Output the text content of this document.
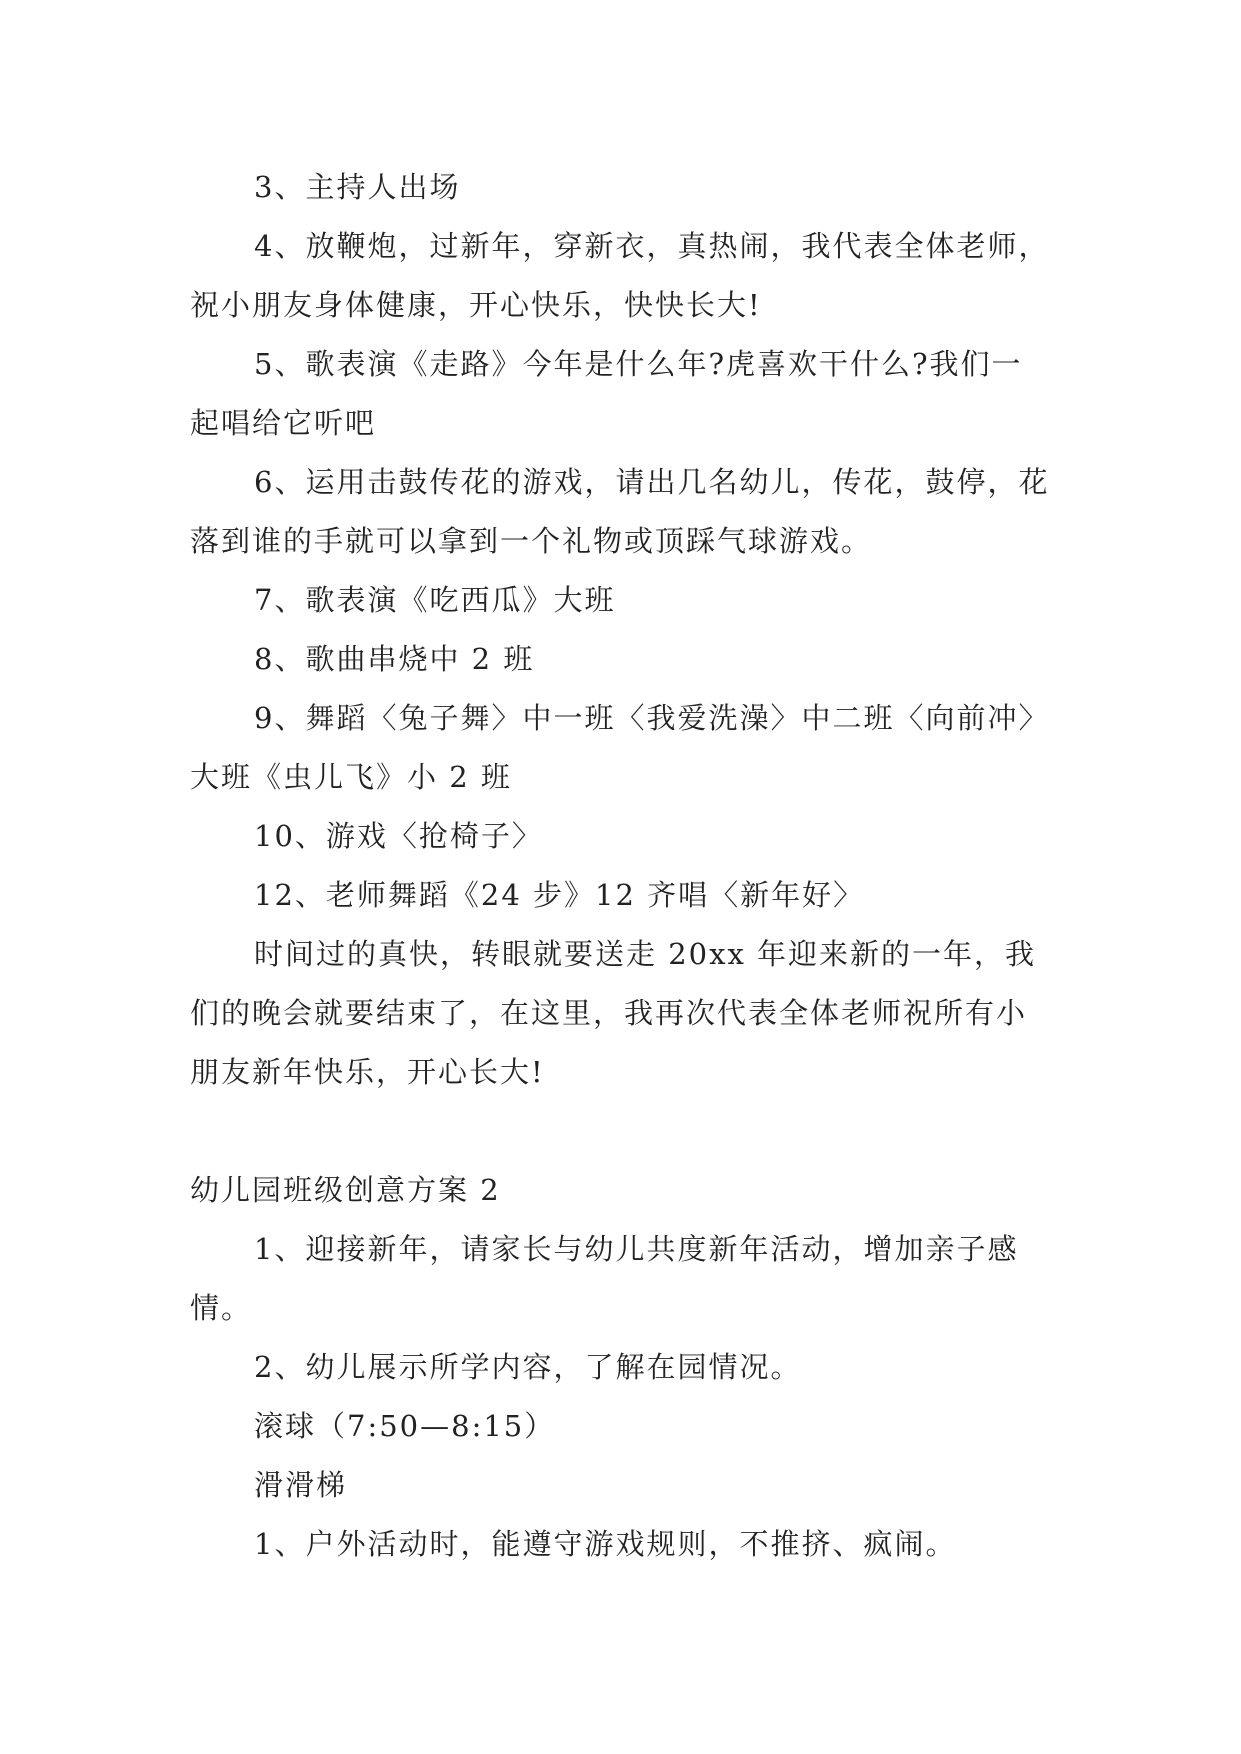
3、主持人出场

4、放鞭炮，过新年，穿新衣，真热闹，我代表全体老师，祝小朋友身体健康，开心快乐，快快长大!

5、歌表演《走路》今年是什么年?虎喜欢干什么?我们一起唱给它听吧

6、运用击鼓传花的游戏，请出几名幼儿，传花，鼓停，花落到谁的手就可以拿到一个礼物或顶踩气球游戏。

7、歌表演《吃西瓜》大班

8、歌曲串烧中 2 班

9、舞蹈〈兔子舞〉中一班〈我爱洗澡〉中二班〈向前冲〉大班《虫儿飞》小 2 班

10、游戏〈抢椅子〉

12、老师舞蹈《24 步》12 齐唱〈新年好〉

时间过的真快，转眼就要送走 20xx 年迎来新的一年，我们的晚会就要结束了，在这里，我再次代表全体老师祝所有小朋友新年快乐，开心长大!

幼儿园班级创意方案 2

1、迎接新年，请家长与幼儿共度新年活动，增加亲子感情。

2、幼儿展示所学内容，了解在园情况。

滚球（7:50—8:15）

滑滑梯

1、户外活动时，能遵守游戏规则，不推挤、疯闹。
